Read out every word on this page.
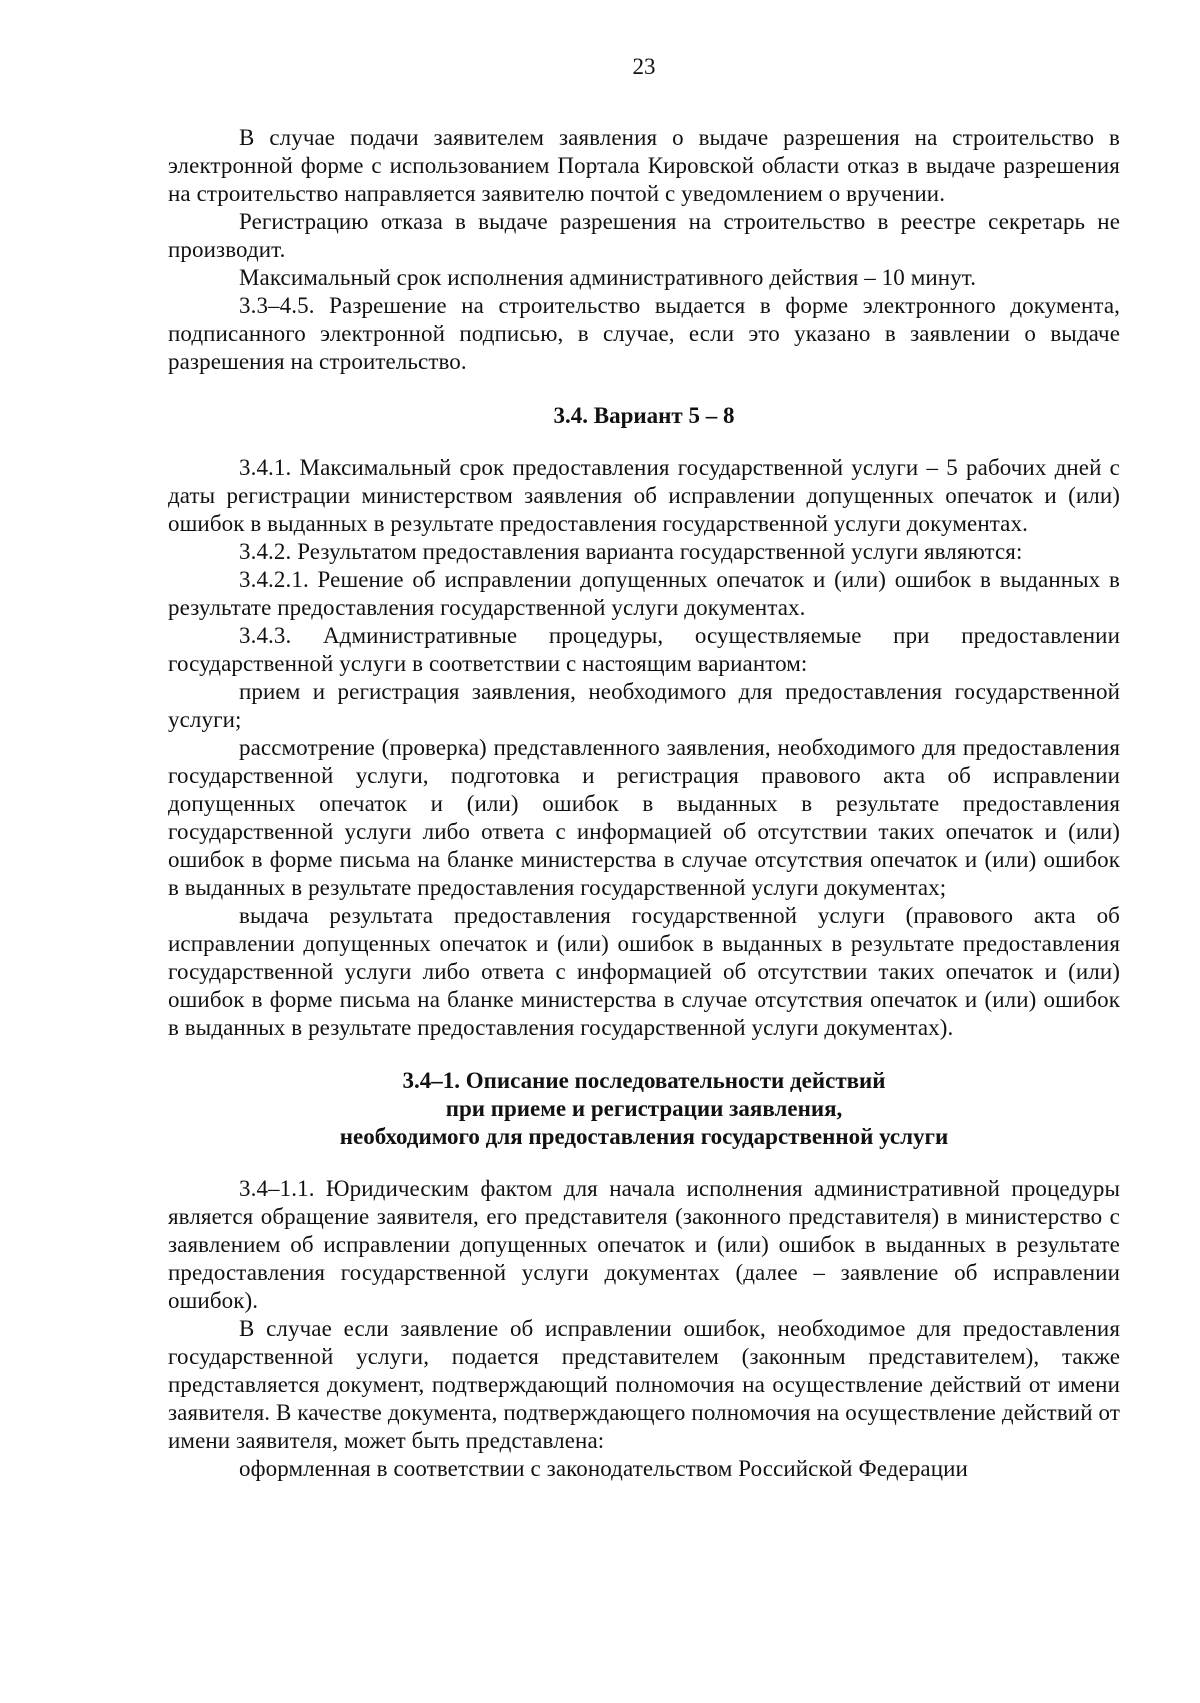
23

В случае подачи заявителем заявления о выдаче разрешения на строительство в электронной форме с использованием Портала Кировской области отказ в выдаче разрешения на строительство направляется заявителю почтой с уведомлением о вручении.

Регистрацию отказа в выдаче разрешения на строительство в реестре секретарь не производит.

Максимальный срок исполнения административного действия – 10 минут.

3.3–4.5. Разрешение на строительство выдается в форме электронного документа, подписанного электронной подписью, в случае, если это указано в заявлении о выдаче разрешения на строительство.

3.4. Вариант 5 – 8

3.4.1. Максимальный срок предоставления государственной услуги – 5 рабочих дней с даты регистрации министерством заявления об исправлении допущенных опечаток и (или) ошибок в выданных в результате предоставления государственной услуги документах.

3.4.2. Результатом предоставления варианта государственной услуги являются:

3.4.2.1. Решение об исправлении допущенных опечаток и (или) ошибок в выданных в результате предоставления государственной услуги документах.

3.4.3. Административные процедуры, осуществляемые при предоставлении государственной услуги в соответствии с настоящим вариантом:

прием и регистрация заявления, необходимого для предоставления государственной услуги;

рассмотрение (проверка) представленного заявления, необходимого для предоставления государственной услуги, подготовка и регистрация правового акта об исправлении допущенных опечаток и (или) ошибок в выданных в результате предоставления государственной услуги либо ответа с информацией об отсутствии таких опечаток и (или) ошибок в форме письма на бланке министерства в случае отсутствия опечаток и (или) ошибок в выданных в результате предоставления государственной услуги документах;

выдача результата предоставления государственной услуги (правового акта об исправлении допущенных опечаток и (или) ошибок в выданных в результате предоставления государственной услуги либо ответа с информацией об отсутствии таких опечаток и (или) ошибок в форме письма на бланке министерства в случае отсутствия опечаток и (или) ошибок в выданных в результате предоставления государственной услуги документах).

3.4–1. Описание последовательности действий
при приеме и регистрации заявления,
необходимого для предоставления государственной услуги

3.4–1.1. Юридическим фактом для начала исполнения административной процедуры является обращение заявителя, его представителя (законного представителя) в министерство с заявлением об исправлении допущенных опечаток и (или) ошибок в выданных в результате предоставления государственной услуги документах (далее – заявление об исправлении ошибок).

В случае если заявление об исправлении ошибок, необходимое для предоставления государственной услуги, подается представителем (законным представителем), также представляется документ, подтверждающий полномочия на осуществление действий от имени заявителя. В качестве документа, подтверждающего полномочия на осуществление действий от имени заявителя, может быть представлена:

оформленная в соответствии с законодательством Российской Федерации
